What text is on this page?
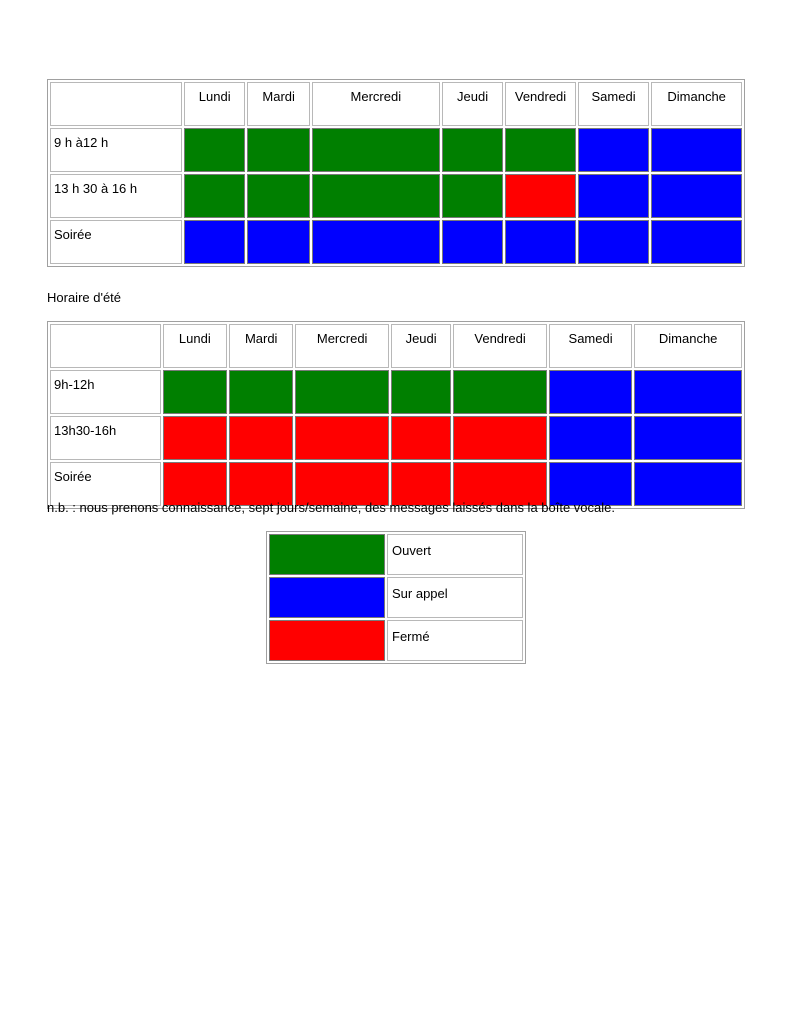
	Lundi	Mardi	Mercredi	Jeudi	Vendredi	Samedi	Dimanche
9 h à12 h							
13 h 30 à 16 h							
Soirée							
Horaire d'été
	Lundi	Mardi	Mercredi	Jeudi	Vendredi	Samedi	Dimanche
9h-12h							
13h30-16h							
Soirée							
n.b. : nous prenons connaissance, sept jours/semaine, des messages laissés dans la boîte vocale.
	Ouvert
	Sur appel
	Fermé
